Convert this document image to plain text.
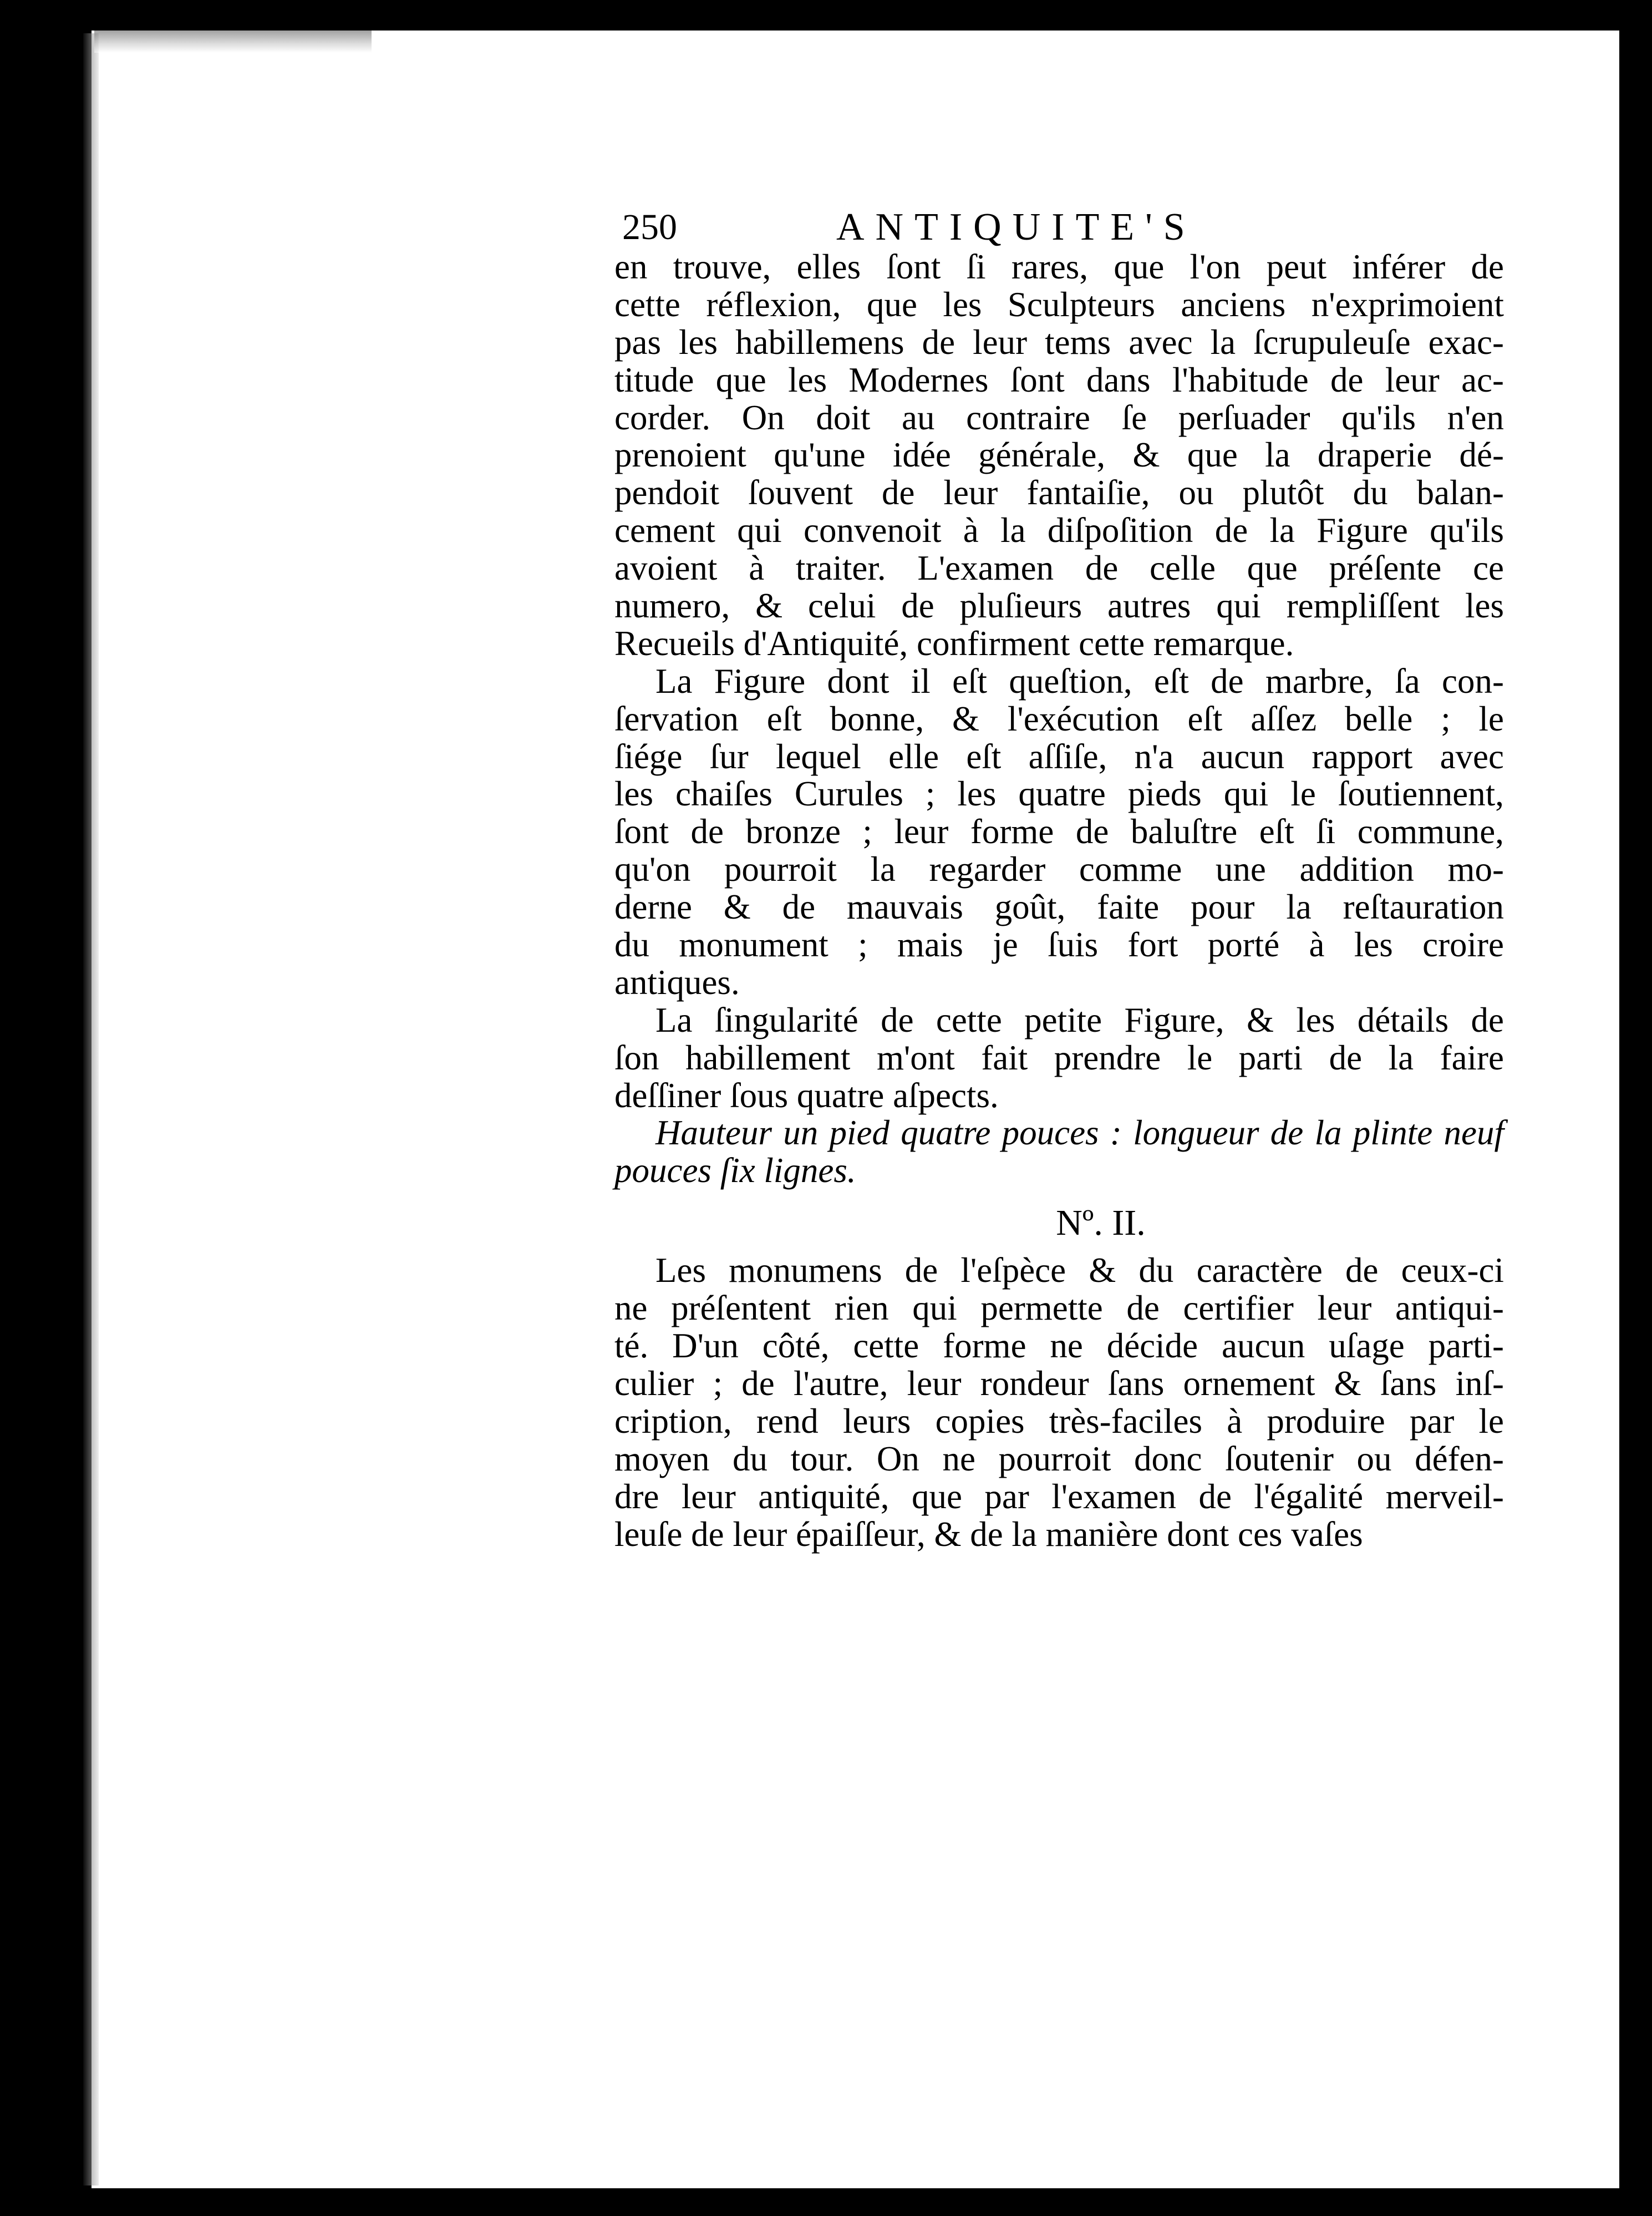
250	ANTIQUITE'S
en trouve, elles ſont ſi rares, que l'on peut inférer de
cette réflexion, que les Sculpteurs anciens n'exprimoient
pas les habillemens de leur tems avec la ſcrupuleuſe exac-
titude que les Modernes ſont dans l'habitude de leur ac-
corder. On doit au contraire ſe perſuader qu'ils n'en
prenoient qu'une idée générale, & que la draperie dé-
pendoit ſouvent de leur fantaiſie, ou plutôt du balan-
cement qui convenoit à la diſpoſition de la Figure qu'ils
avoient à traiter. L'examen de celle que préſente ce
numero, & celui de pluſieurs autres qui rempliſſent les
Recueils d'Antiquité, confirment cette remarque.
La Figure dont il eſt queſtion, eſt de marbre, ſa con-
ſervation eſt bonne, & l'exécution eſt aſſez belle ; le
ſiége ſur lequel elle eſt aſſiſe, n'a aucun rapport avec
les chaiſes Curules ; les quatre pieds qui le ſoutiennent,
ſont de bronze ; leur forme de baluſtre eſt ſi commune,
qu'on pourroit la regarder comme une addition mo-
derne & de mauvais goût, faite pour la reſtauration
du monument ; mais je ſuis fort porté à les croire
antiques.
La ſingularité de cette petite Figure, & les détails de
ſon habillement m'ont fait prendre le parti de la faire
deſſiner ſous quatre aſpects.
Hauteur un pied quatre pouces : longueur de la plinte neuf
pouces ſix lignes.
Nº. II.
Les monumens de l'eſpèce & du caractère de ceux-ci
ne préſentent rien qui permette de certifier leur antiqui-
té. D'un côté, cette forme ne décide aucun uſage parti-
culier ; de l'autre, leur rondeur ſans ornement & ſans inſ-
cription, rend leurs copies très-faciles à produire par le
moyen du tour. On ne pourroit donc ſoutenir ou défen-
dre leur antiquité, que par l'examen de l'égalité merveil-
leuſe de leur épaiſſeur, & de la manière dont ces vaſes
